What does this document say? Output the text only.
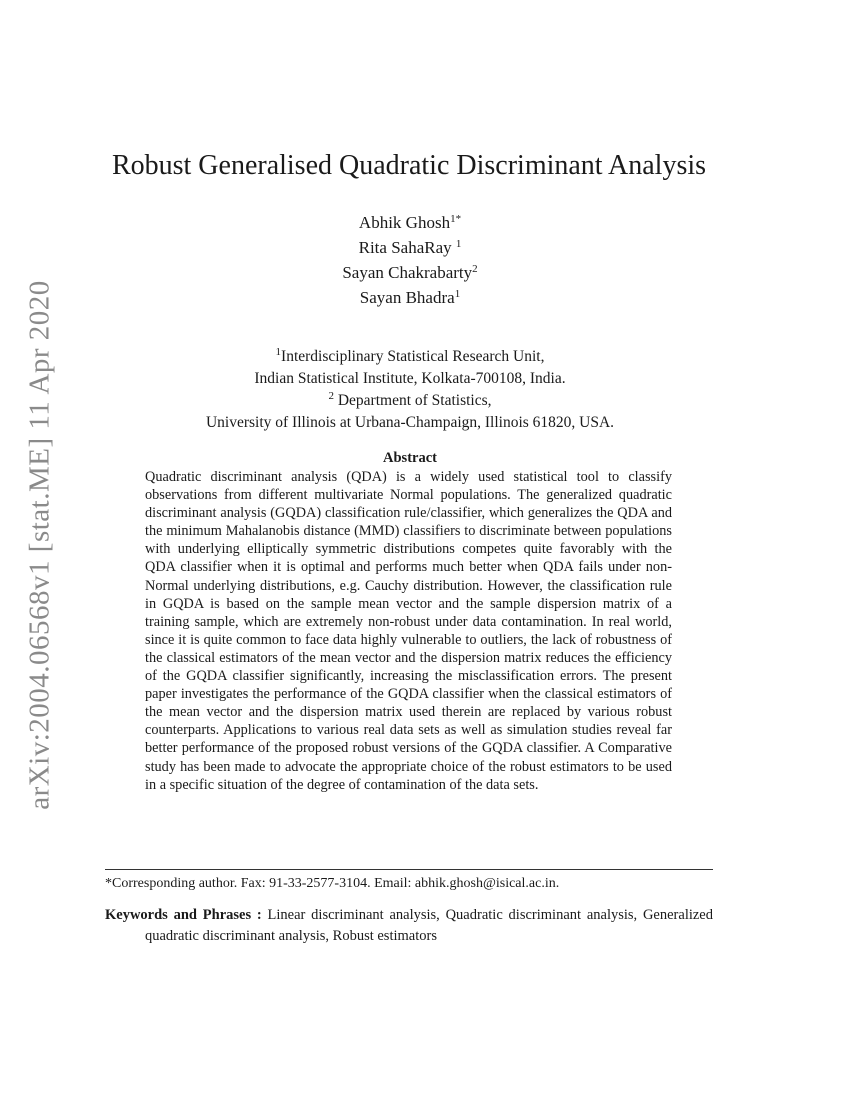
arXiv:2004.06568v1 [stat.ME] 11 Apr 2020
Robust Generalised Quadratic Discriminant Analysis
Abhik Ghosh$^{1*}$
Rita SahaRay $^1$
Sayan Chakrabarty$^2$
Sayan Bhadra$^1$
$^1$Interdisciplinary Statistical Research Unit,
Indian Statistical Institute, Kolkata-700108, India.
$^2$ Department of Statistics,
University of Illinois at Urbana-Champaign, Illinois 61820, USA.
Abstract
Quadratic discriminant analysis (QDA) is a widely used statistical tool to classify observations from different multivariate Normal populations. The generalized quadratic discriminant analysis (GQDA) classification rule/classifier, which generalizes the QDA and the minimum Mahalanobis distance (MMD) classifiers to discriminate between populations with underlying elliptically symmetric distributions competes quite favorably with the QDA classifier when it is optimal and performs much better when QDA fails under non-Normal underlying distributions, e.g. Cauchy distribution. However, the classification rule in GQDA is based on the sample mean vector and the sample dispersion matrix of a training sample, which are extremely non-robust under data contamination. In real world, since it is quite common to face data highly vulnerable to outliers, the lack of robustness of the classical estimators of the mean vector and the dispersion matrix reduces the efficiency of the GQDA classifier significantly, increasing the misclassification errors. The present paper investigates the performance of the GQDA classifier when the classical estimators of the mean vector and the dispersion matrix used therein are replaced by various robust counterparts. Applications to various real data sets as well as simulation studies reveal far better performance of the proposed robust versions of the GQDA classifier. A Comparative study has been made to advocate the appropriate choice of the robust estimators to be used in a specific situation of the degree of contamination of the data sets.
*Corresponding author. Fax: 91-33-2577-3104. Email: abhik.ghosh@isical.ac.in.
Keywords and Phrases : Linear discriminant analysis, Quadratic discriminant analysis, Generalized quadratic discriminant analysis, Robust estimators
